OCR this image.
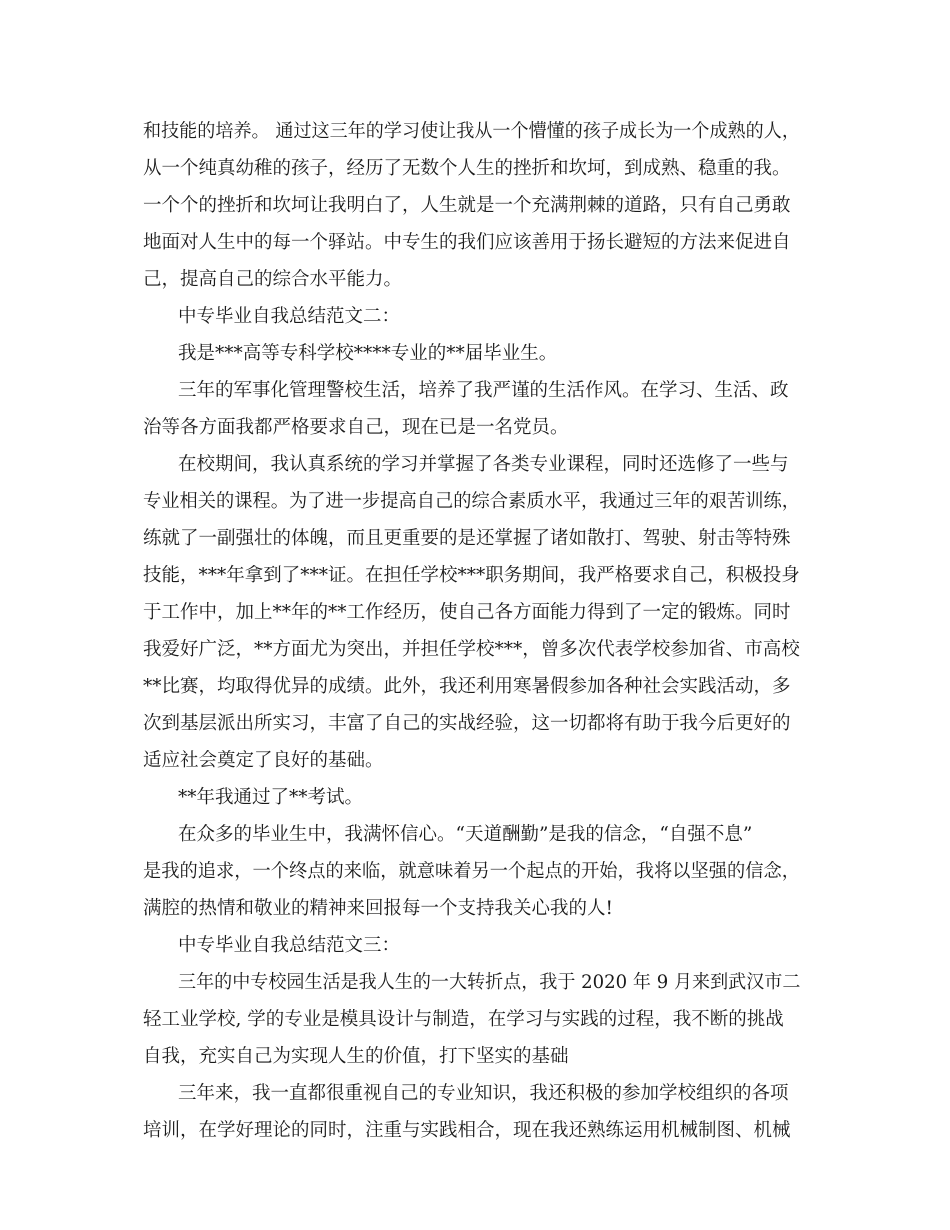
和技能的培养。 通过这三年的学习使让我从一个懵懂的孩子成长为一个成熟的人，
从一个纯真幼稚的孩子，经历了无数个人生的挫折和坎坷，到成熟、稳重的我。
一个个的挫折和坎坷让我明白了，人生就是一个充满荆棘的道路，只有自己勇敢
地面对人生中的每一个驿站。中专生的我们应该善用于扬长避短的方法来促进自
己，提高自己的综合水平能力。
中专毕业自我总结范文二：
我是***高等专科学校****专业的**届毕业生。
三年的军事化管理警校生活，培养了我严谨的生活作风。在学习、生活、政
治等各方面我都严格要求自己，现在已是一名党员。
在校期间，我认真系统的学习并掌握了各类专业课程，同时还选修了一些与
专业相关的课程。为了进一步提高自己的综合素质水平，我通过三年的艰苦训练，
练就了一副强壮的体魄，而且更重要的是还掌握了诸如散打、驾驶、射击等特殊
技能，***年拿到了***证。在担任学校***职务期间，我严格要求自己，积极投身
于工作中，加上**年的**工作经历，使自己各方面能力得到了一定的锻炼。同时
我爱好广泛，**方面尤为突出，并担任学校***，曾多次代表学校参加省、市高校
**比赛，均取得优异的成绩。此外，我还利用寒暑假参加各种社会实践活动，多
次到基层派出所实习，丰富了自己的实战经验，这一切都将有助于我今后更好的
适应社会奠定了良好的基础。
**年我通过了**考试。
在众多的毕业生中，我满怀信心。“天道酬勤”是我的信念，“自强不息”
是我的追求，一个终点的来临，就意味着另一个起点的开始，我将以坚强的信念，
满腔的热情和敬业的精神来回报每一个支持我关心我的人!
中专毕业自我总结范文三：
三年的中专校园生活是我人生的一大转折点，我于 2020 年 9 月来到武汉市二
轻工业学校, 学的专业是模具设计与制造，在学习与实践的过程，我不断的挑战
自我，充实自己为实现人生的价值，打下坚实的基础
三年来，我一直都很重视自己的专业知识，我还积极的参加学校组织的各项
培训，在学好理论的同时，注重与实践相合，现在我还熟练运用机械制图、机械
